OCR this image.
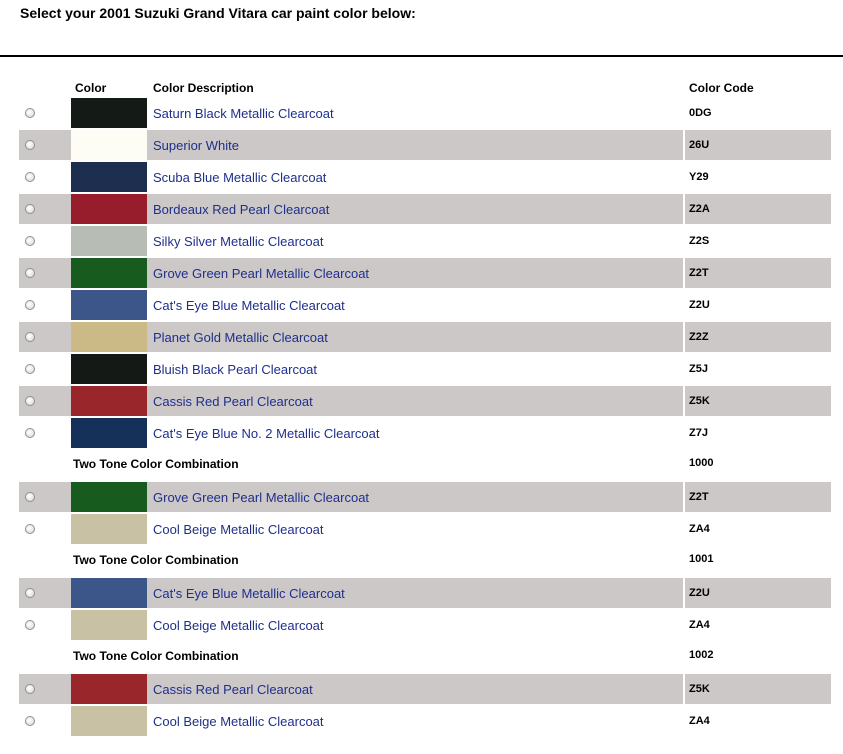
Select your 2001 Suzuki Grand Vitara car paint color below:
Color	Color Description	Color Code
Saturn Black Metallic Clearcoat	0DG
Superior White	26U
Scuba Blue Metallic Clearcoat	Y29
Bordeaux Red Pearl Clearcoat	Z2A
Silky Silver Metallic Clearcoat	Z2S
Grove Green Pearl Metallic Clearcoat	Z2T
Cat's Eye Blue Metallic Clearcoat	Z2U
Planet Gold Metallic Clearcoat	Z2Z
Bluish Black Pearl Clearcoat	Z5J
Cassis Red Pearl Clearcoat	Z5K
Cat's Eye Blue No. 2 Metallic Clearcoat	Z7J
Two Tone Color Combination	1000
Grove Green Pearl Metallic Clearcoat	Z2T
Cool Beige Metallic Clearcoat	ZA4
Two Tone Color Combination	1001
Cat's Eye Blue Metallic Clearcoat	Z2U
Cool Beige Metallic Clearcoat	ZA4
Two Tone Color Combination	1002
Cassis Red Pearl Clearcoat	Z5K
Cool Beige Metallic Clearcoat	ZA4
